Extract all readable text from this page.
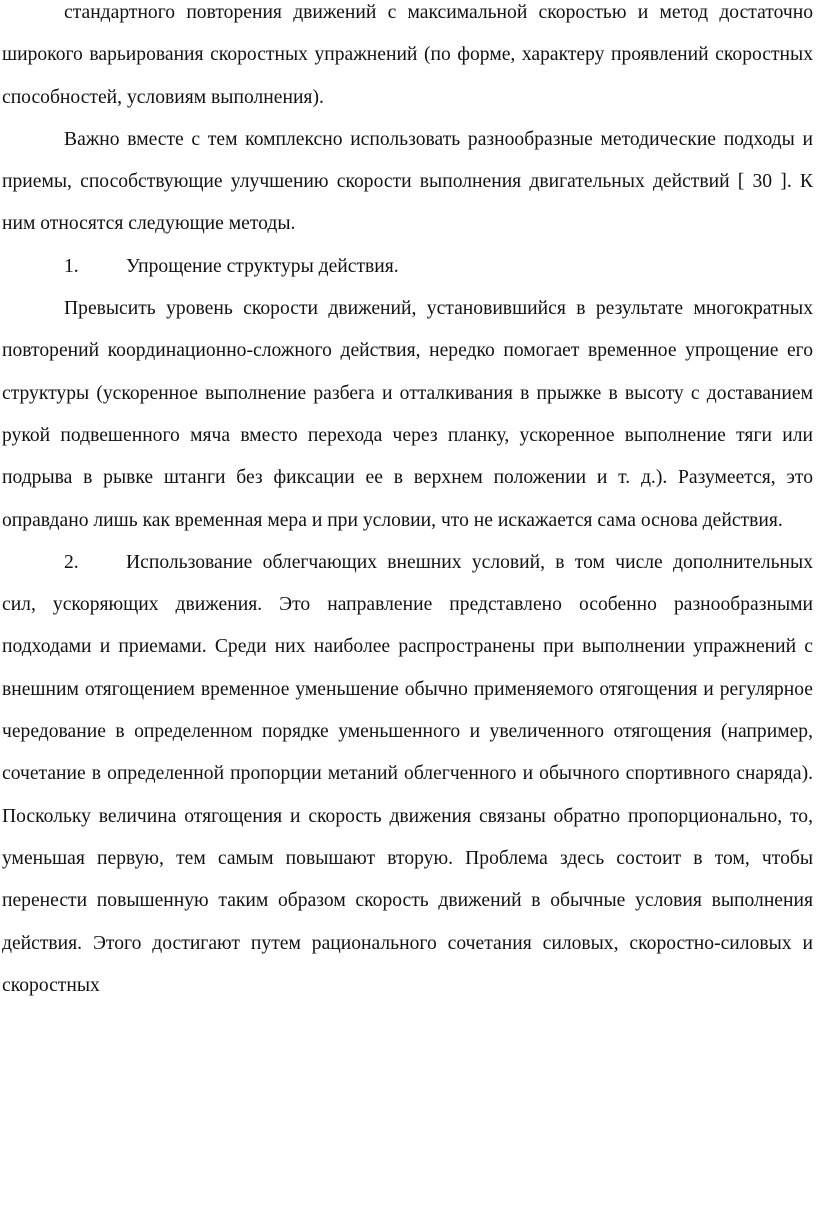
стандартного повторения движений с максимальной скоростью и метод достаточно широкого варьирования скоростных упражнений (по форме, характеру проявлений скоростных способностей, условиям выполнения).

Важно вместе с тем комплексно использовать разнообразные методические подходы и приемы, способствующие улучшению скорости выполнения двигательных действий [ 30 ]. К ним относятся следующие методы.

1. Упрощение структуры действия.

Превысить уровень скорости движений, установившийся в результате многократных повторений координационно-сложного действия, нередко помогает временное упрощение его структуры (ускоренное выполнение разбега и отталкивания в прыжке в высоту с доставанием рукой подвешенного мяча вместо перехода через планку, ускоренное выполнение тяги или подрыва в рывке штанги без фиксации ее в верхнем положении и т. д.). Разумеется, это оправдано лишь как временная мера и при условии, что не искажается сама основа действия.

2. Использование облегчающих внешних условий, в том числе дополнительных сил, ускоряющих движения. Это направление представлено особенно разнообразными подходами и приемами. Среди них наиболее распространены при выполнении упражнений с внешним отягощением временное уменьшение обычно применяемого отягощения и регулярное чередование в определенном порядке уменьшенного и увеличенного отягощения (например, сочетание в определенной пропорции метаний облегченного и обычного спортивного снаряда). Поскольку величина отягощения и скорость движения связаны обратно пропорционально, то, уменьшая первую, тем самым повышают вторую. Проблема здесь состоит в том, чтобы перенести повышенную таким образом скорость движений в обычные условия выполнения действия. Этого достигают путем рационального сочетания силовых, скоростно-силовых и скоростных
